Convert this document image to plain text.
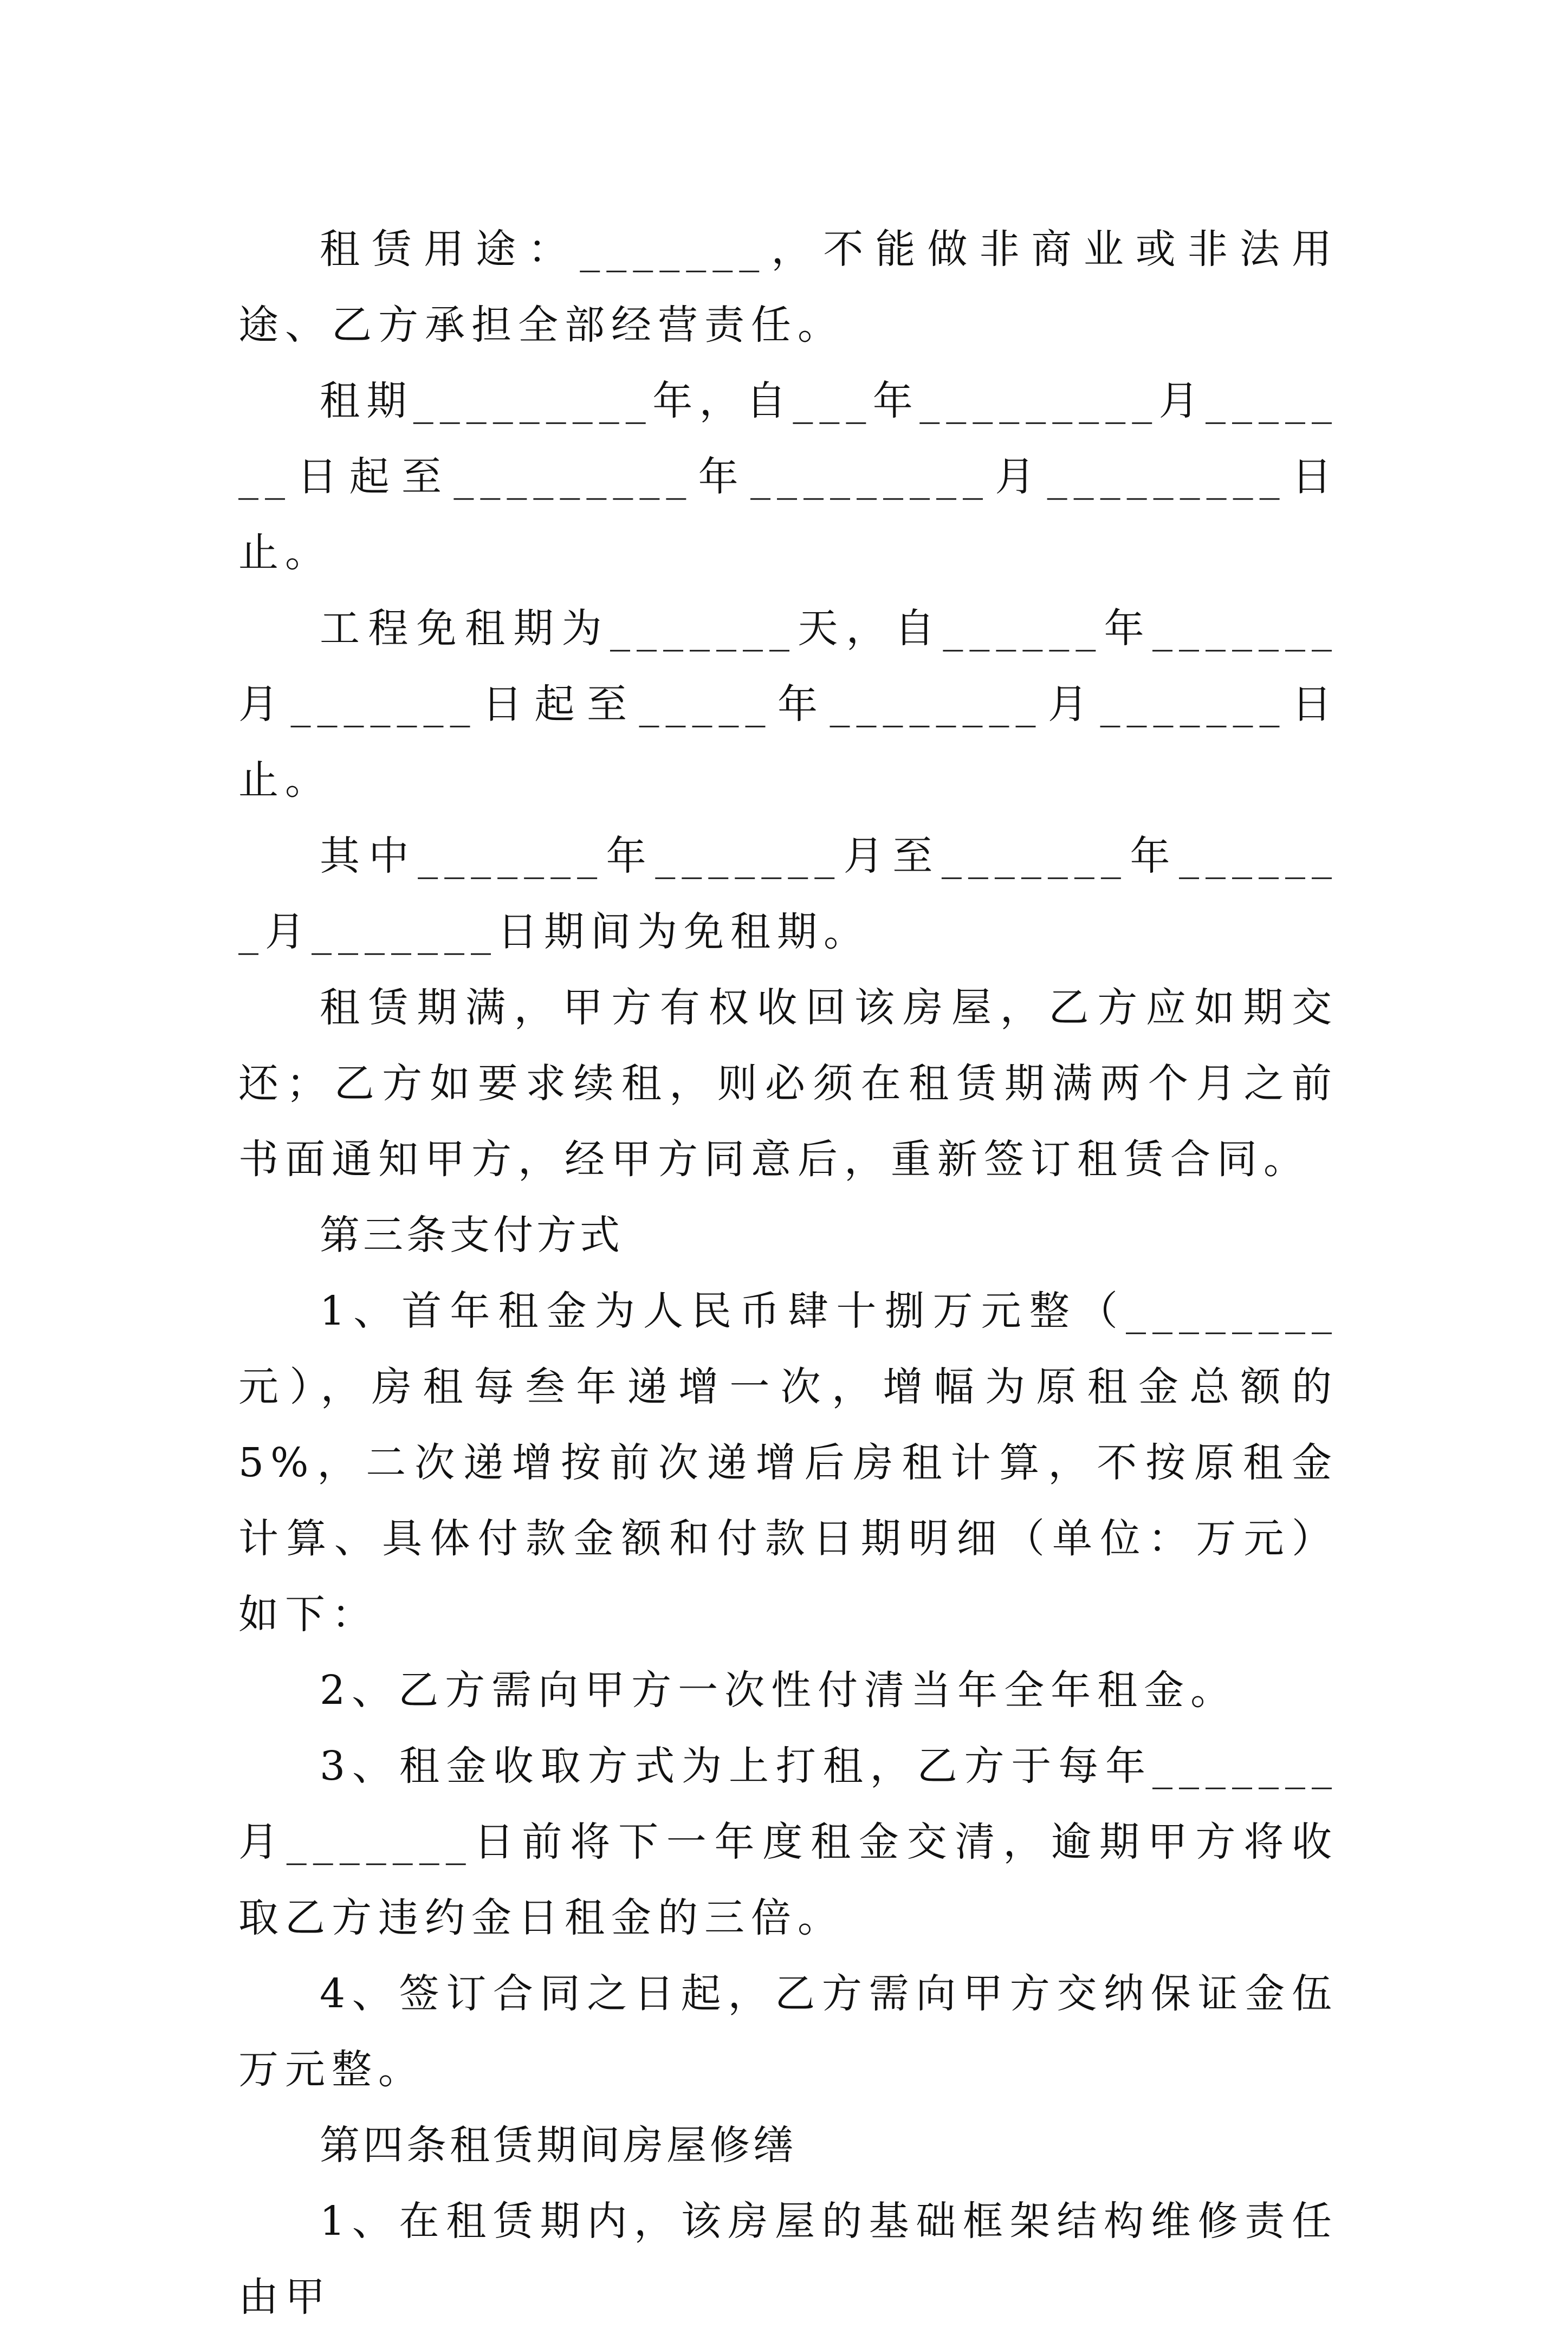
租赁用途：_______，不能做非商业或非法用途、乙方承担全部经营责任。

租期_________年，自___年_________月_______日起至_________年_________月_________日止。

工程免租期为_______天，自______年_______月_______日起至_____年________月_______日止。

其中_______年_______月至_______年_______月_______日期间为免租期。

租赁期满，甲方有权收回该房屋，乙方应如期交还；乙方如要求续租，则必须在租赁期满两个月之前书面通知甲方，经甲方同意后，重新签订租赁合同。

第三条支付方式

1、首年租金为人民币肆十捌万元整（________元），房租每叁年递增一次，增幅为原租金总额的5%，二次递增按前次递增后房租计算，不按原租金计算、具体付款金额和付款日期明细（单位：万元）如下：

2、乙方需向甲方一次性付清当年全年租金。

3、租金收取方式为上打租，乙方于每年_______月_______日前将下一年度租金交清，逾期甲方将收取乙方违约金日租金的三倍。

4、签订合同之日起，乙方需向甲方交纳保证金伍万元整。

第四条租赁期间房屋修缮

1、在租赁期内，该房屋的基础框架结构维修责任由甲
